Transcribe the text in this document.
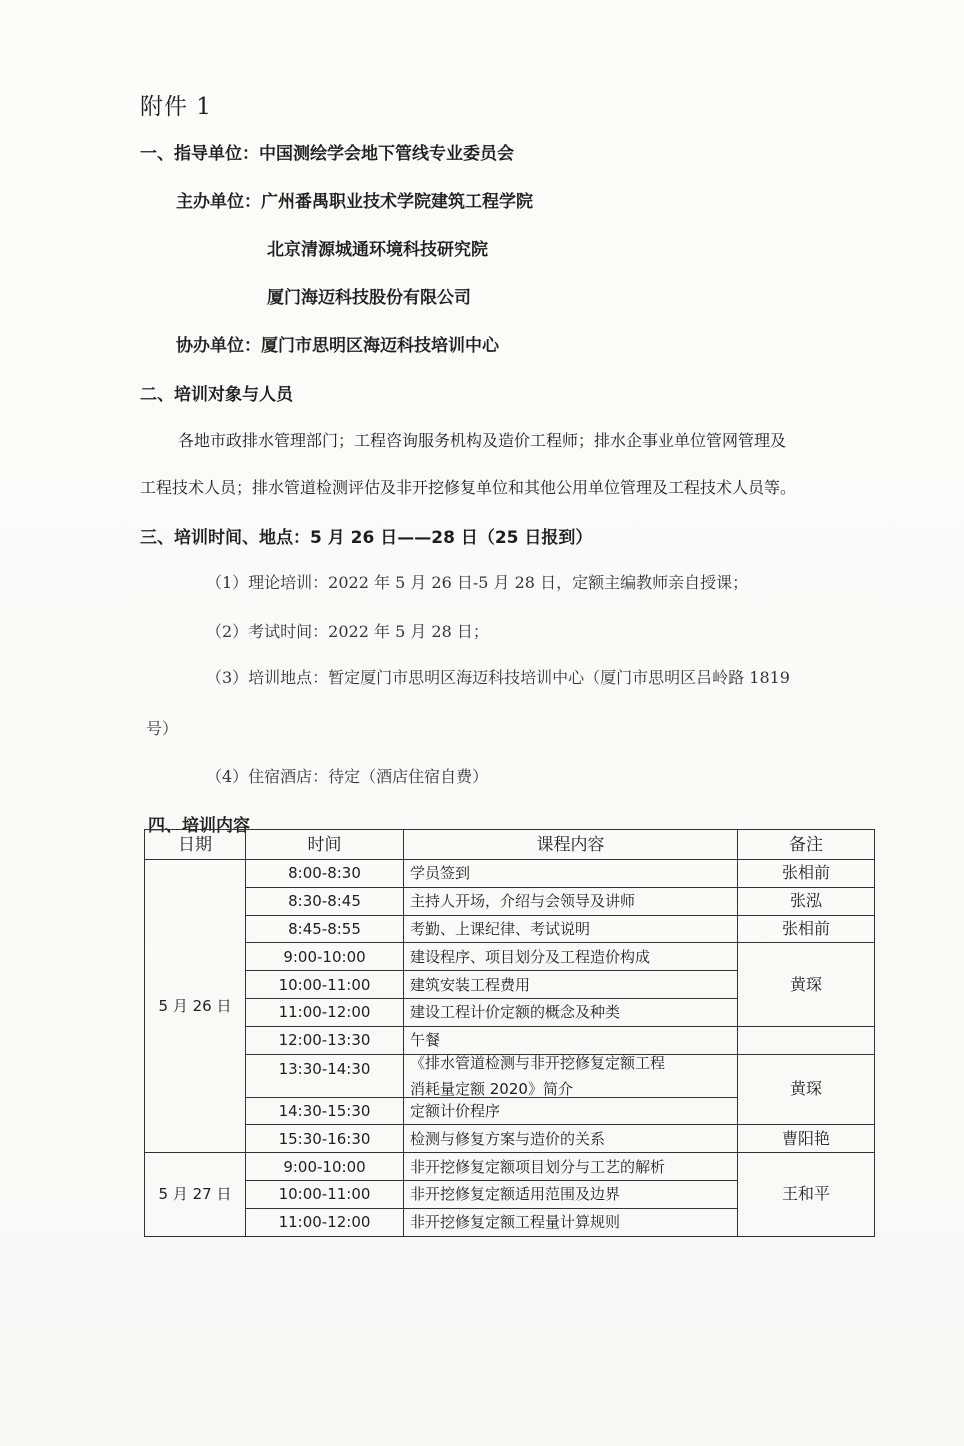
附件 1
一、指导单位：中国测绘学会地下管线专业委员会
主办单位：广州番禺职业技术学院建筑工程学院
北京清源城通环境科技研究院
厦门海迈科技股份有限公司
协办单位：厦门市思明区海迈科技培训中心
二、培训对象与人员
各地市政排水管理部门；工程咨询服务机构及造价工程师；排水企事业单位管网管理及
工程技术人员；排水管道检测评估及非开挖修复单位和其他公用单位管理及工程技术人员等。
三、培训时间、地点：5 月 26 日——28 日（25 日报到）
（1）理论培训：2022 年 5 月 26 日-5 月 28 日，定额主编教师亲自授课；
（2）考试时间：2022 年 5 月 28 日；
（3）培训地点：暂定厦门市思明区海迈科技培训中心（厦门市思明区吕岭路 1819
号）
（4）住宿酒店：待定（酒店住宿自费）
四、培训内容
日期	时间	课程内容	备注
5 月 26 日	8:00-8:30	学员签到	张相前
	8:30-8:45	主持人开场，介绍与会领导及讲师	张泓
	8:45-8:55	考勤、上课纪律、考试说明	张相前
	9:00-10:00	建设程序、项目划分及工程造价构成	黄琛
	10:00-11:00	建筑安装工程费用	
	11:00-12:00	建设工程计价定额的概念及种类	
	12:00-13:30	午餐	
	13:30-14:30	《排水管道检测与非开挖修复定额工程
消耗量定额 2020》简介	黄琛
	14:30-15:30	定额计价程序	
	15:30-16:30	检测与修复方案与造价的关系	曹阳艳
5 月 27 日	9:00-10:00	非开挖修复定额项目划分与工艺的解析	王和平
	10:00-11:00	非开挖修复定额适用范围及边界	
	11:00-12:00	非开挖修复定额工程量计算规则	
